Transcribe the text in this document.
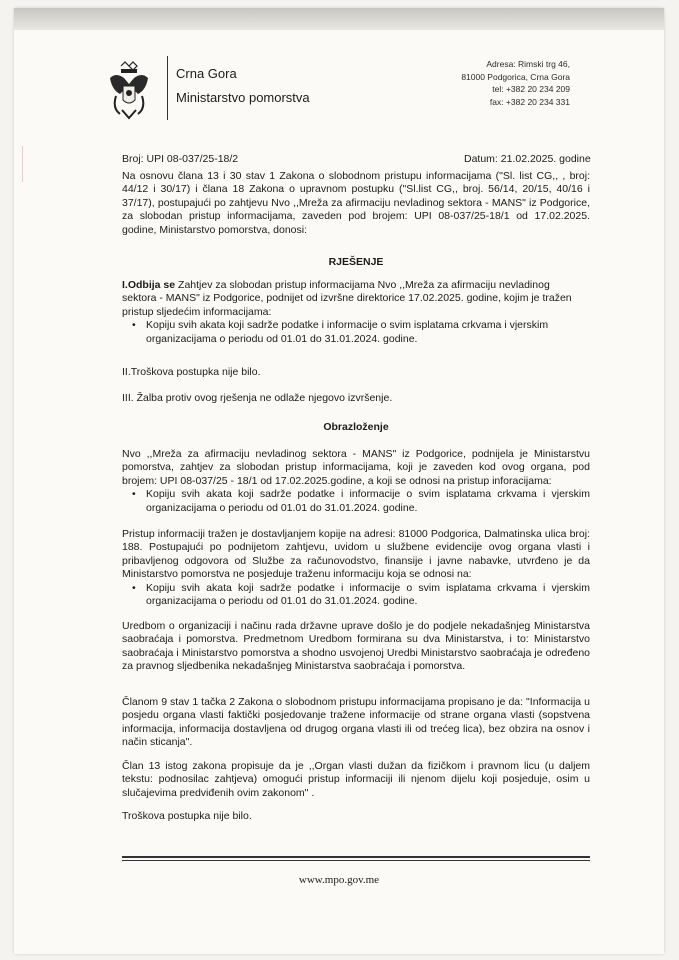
Crna Gora
Ministarstvo pomorstva
Adresa: Rimski trg 46,
81000 Podgorica, Crna Gora
tel: +382 20 234 209
fax: +382 20 234 331
Broj: UPI 08-037/25-18/2	Datum: 21.02.2025. godine
Na osnovu člana 13 i 30 stav 1 Zakona o slobodnom pristupu informacijama ("Sl. list CG,, , broj: 44/12 i 30/17) i člana 18 Zakona o upravnom postupku ("Sl.list CG,, broj. 56/14, 20/15, 40/16 i 37/17), postupajući po zahtjevu Nvo ,,Mreža za afirmaciju nevladinog sektora - MANS" iz Podgorice, za slobodan pristup informacijama, zaveden pod brojem: UPI 08-037/25-18/1 od 17.02.2025. godine, Ministarstvo pomorstva, donosi:
RJEŠENJE
I.Odbija se Zahtjev za slobodan pristup informacijama Nvo ,,Mreža za afirmaciju nevladinog sektora - MANS" iz Podgorice, podnijet od izvršne direktorice 17.02.2025. godine, kojim je tražen pristup sljedećim informacijama:
• Kopiju svih akata koji sadrže podatke i informacije o svim isplatama crkvama i vjerskim organizacijama o periodu od 01.01 do 31.01.2024. godine.
II.Troškova postupka nije bilo.
III. Žalba protiv ovog rješenja ne odlaže njegovo izvršenje.
Obrazloženje
Nvo ,,Mreža za afirmaciju nevladinog sektora - MANS" iz Podgorice, podnijela je Ministarstvu pomorstva, zahtjev za slobodan pristup informacijama, koji je zaveden kod ovog organa, pod brojem: UPI 08-037/25 - 18/1 od 17.02.2025.godine, a koji se odnosi na pristup inforacijama:
• Kopiju svih akata koji sadrže podatke i informacije o svim isplatama crkvama i vjerskim organizacijama o periodu od 01.01 do 31.01.2024. godine.
Pristup informaciji tražen je dostavljanjem kopije na adresi: 81000 Podgorica, Dalmatinska ulica broj: 188. Postupajući po podnijetom zahtjevu, uvidom u službene evidencije ovog organa vlasti i pribavljenog odgovora od Službe za računovodstvo, finansije i javne nabavke, utvrđeno je da Ministarstvo pomorstva ne posjeduje traženu informaciju koja se odnosi na:
• Kopiju svih akata koji sadrže podatke i informacije o svim isplatama crkvama i vjerskim organizacijama o periodu od 01.01 do 31.01.2024. godine.
Uredbom o organizaciji i načinu rada državne uprave došlo je do podjele nekadašnjeg Ministarstva saobraćaja i pomorstva. Predmetnom Uredbom formirana su dva Ministarstva, i to: Ministarstvo saobraćaja i Ministarstvo pomorstva a shodno usvojenoj Uredbi Ministarstvo saobraćaja je određeno za pravnog sljedbenika nekadašnjeg Ministarstva saobraćaja i pomorstva.
Članom 9 stav 1 tačka 2 Zakona o slobodnom pristupu informacijama propisano je da: "Informacija u posjedu organa vlasti faktički posjedovanje tražene informacije od strane organa vlasti (sopstvena informacija, informacija dostavljena od drugog organa vlasti ili od trećeg lica), bez obzira na osnov i način sticanja".
Član 13 istog zakona propisuje da je ,,Organ vlasti dužan da fizičkom i pravnom licu (u daljem tekstu: podnosilac zahtjeva) omogući pristup informaciji ili njenom dijelu koji posjeduje, osim u slučajevima predviđenih ovim zakonom" .
Troškova postupka nije bilo.
www.mpo.gov.me
